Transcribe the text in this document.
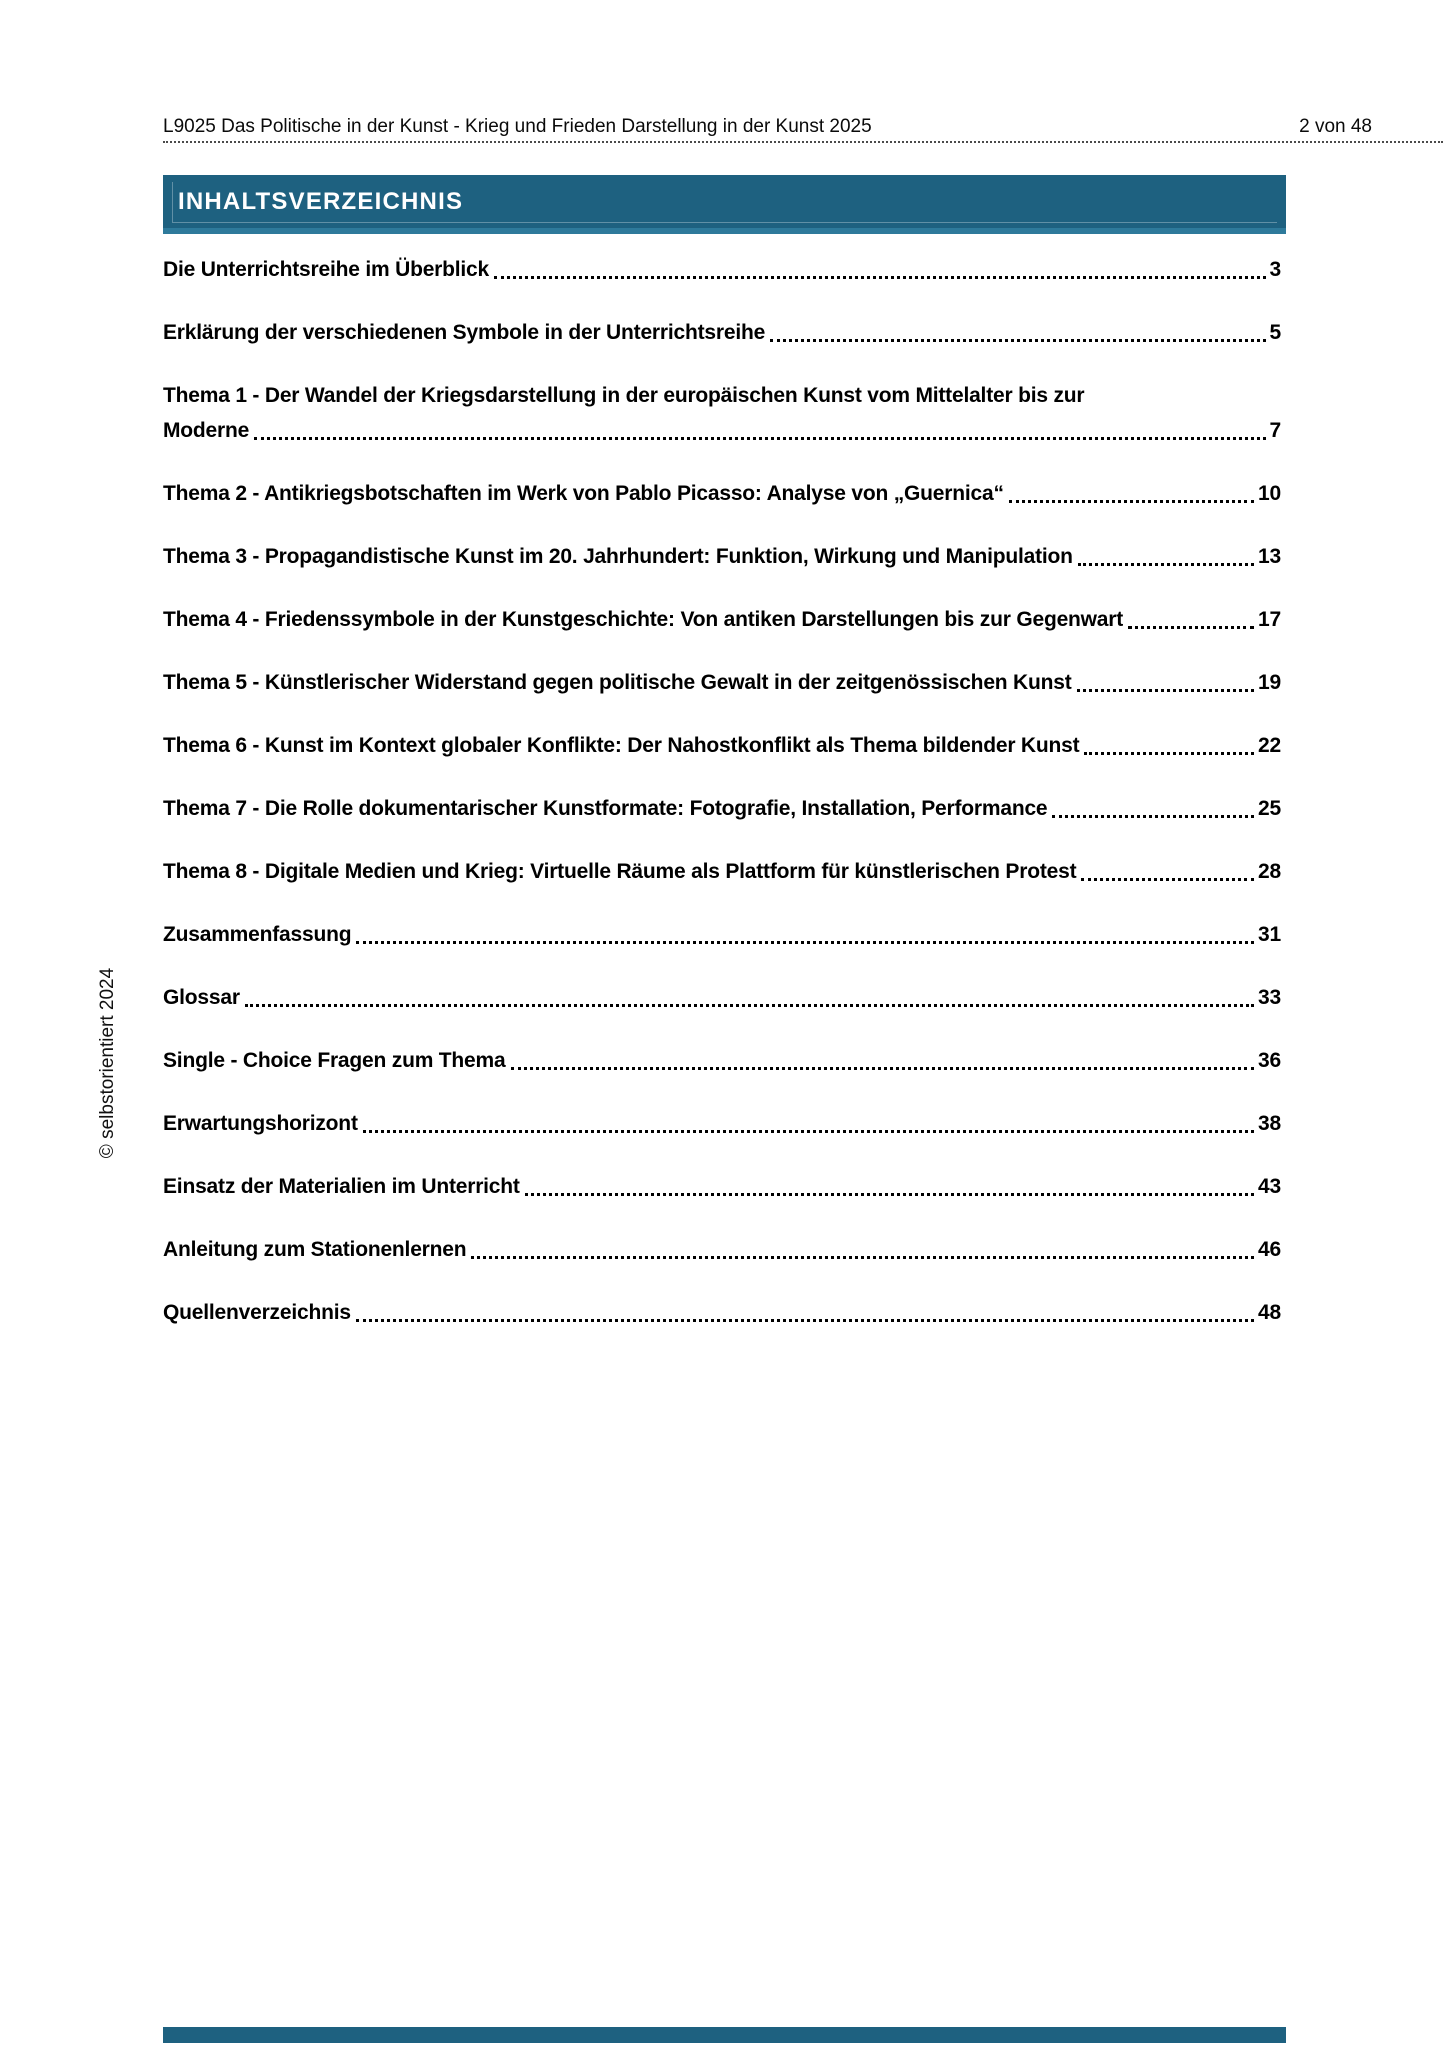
L9025 Das Politische in der Kunst - Krieg und Frieden Darstellung in der Kunst 2025	2 von 48
INHALTSVERZEICHNIS
Die Unterrichtsreihe im Überblick	3
Erklärung der verschiedenen Symbole in der Unterrichtsreihe	5
Thema 1 - Der Wandel der Kriegsdarstellung in der europäischen Kunst vom Mittelalter bis zur
Moderne	7
Thema 2 - Antikriegsbotschaften im Werk von Pablo Picasso: Analyse von „Guernica“	10
Thema 3 - Propagandistische Kunst im 20. Jahrhundert: Funktion, Wirkung und Manipulation	13
Thema 4 - Friedenssymbole in der Kunstgeschichte: Von antiken Darstellungen bis zur Gegenwart	17
Thema 5 - Künstlerischer Widerstand gegen politische Gewalt in der zeitgenössischen Kunst	19
Thema 6 - Kunst im Kontext globaler Konflikte: Der Nahostkonflikt als Thema bildender Kunst	22
Thema 7 - Die Rolle dokumentarischer Kunstformate: Fotografie, Installation, Performance	25
Thema 8 - Digitale Medien und Krieg: Virtuelle Räume als Plattform für künstlerischen Protest	28
Zusammenfassung	31
Glossar	33
Single - Choice Fragen zum Thema	36
Erwartungshorizont	38
Einsatz der Materialien im Unterricht	43
Anleitung zum Stationenlernen	46
Quellenverzeichnis	48
© selbstorientiert 2024
